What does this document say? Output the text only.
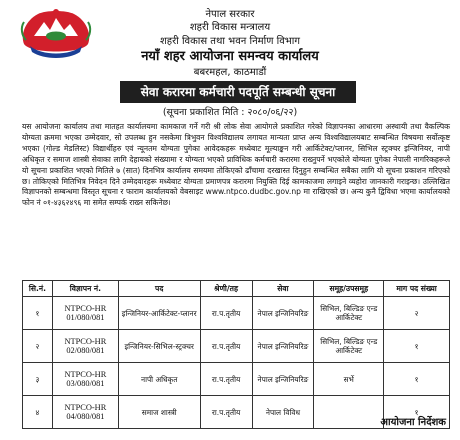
नेपाल सरकार
शहरी विकास मन्त्रालय
शहरी विकास तथा भवन निर्माण विभाग
नयाँ शहर आयोजना समन्वय कार्यालय
बबरमहल, काठमाडौं
सेवा करारमा कर्मचारी पदपूर्ति सम्बन्धी सूचना
(सूचना प्रकाशित मिति : २०८०/०६/२२)

यस आयोजना कार्यालय तथा मातहत कार्यालयमा कामकाज गर्ने गरी श्री लोक सेवा आयोगले प्रकाशित गरेको विज्ञापनका आधारमा अस्थायी तथा वैकल्पिक योग्यता क्रममा भएका उम्मेदवार, सो उपलब्ध हुन नसकेमा त्रिभुवन विश्वविद्यालय लगायत मान्यता प्राप्त अन्य विश्वविद्यालयबाट सम्बन्धित विषयमा सर्वोत्कृष्ट भएका (गोल्ड मेडलिस्ट) विद्यार्थीहरु एवं न्यूनतम योग्यता पुगेका आवेदकहरू मध्येबाट मूल्याङ्कन गरी आर्किटेक्ट/प्लानर, सिभिल स्ट्रक्चर इन्जिनियर, नापी अधिकृत र समाज शास्त्री सेवाका लागि देहायको संख्यामा र योग्यता भएको प्राविधिक कर्मचारी करारमा राख्नुपर्ने भएकोले योग्यता पुगेका नेपाली नागरिकहरूले यो सूचना प्रकाशित भएको मितिले ७ (सात) दिनभित्र कार्यालय समयमा तोकिएको ढाँचामा दरखास्त दिनुहुन सम्बन्धित सबैका लागि यो सूचना प्रकाशन गरिएको छ। तोकिएको मितिभित्र निवेदन दिने उम्मेदवारहरू मध्येबाट योग्यता प्रमाणपत्र करारमा नियुक्ति दिई कामकाजमा लगाइने व्यहोरा जानकारी गराइन्छ। उल्लिखित विज्ञापनको सम्बन्धमा विस्तृत सूचना र फाराम कार्यालयको वेबसाइट www.ntpco.dudbc.gov.np मा राखिएको छ। अन्य कुनै द्विविधा भएमा कार्यालयको फोन नं ०१-४३६२४९६ मा समेत सम्पर्क राख्न सकिनेछ।

सि.नं.	विज्ञापन नं.	पद	श्रेणी/तह	सेवा	समूह/उपसमूह	माग पद संख्या
१	NTPCO-HR 01/080/081	इन्जिनियर-आर्किटेक्ट-प्लानर	रा.प.तृतीय	नेपाल इन्जिनियरिङ	सिभिल, बिल्डिङ एन्ड आर्किटेक्ट	२
२	NTPCO-HR 02/080/081	इन्जिनियर-सिभिल-स्ट्रक्चर	रा.प.तृतीय	नेपाल इन्जिनियरिङ	सिभिल, बिल्डिङ एन्ड आर्किटेक्ट	१
३	NTPCO-HR 03/080/081	नापी अधिकृत	रा.प.तृतीय	नेपाल इन्जिनियरिङ	सर्भे	१
४	NTPCO-HR 04/080/081	समाज शास्त्री	रा.प.तृतीय	नेपाल विविध		१
आयोजना निर्देशक
